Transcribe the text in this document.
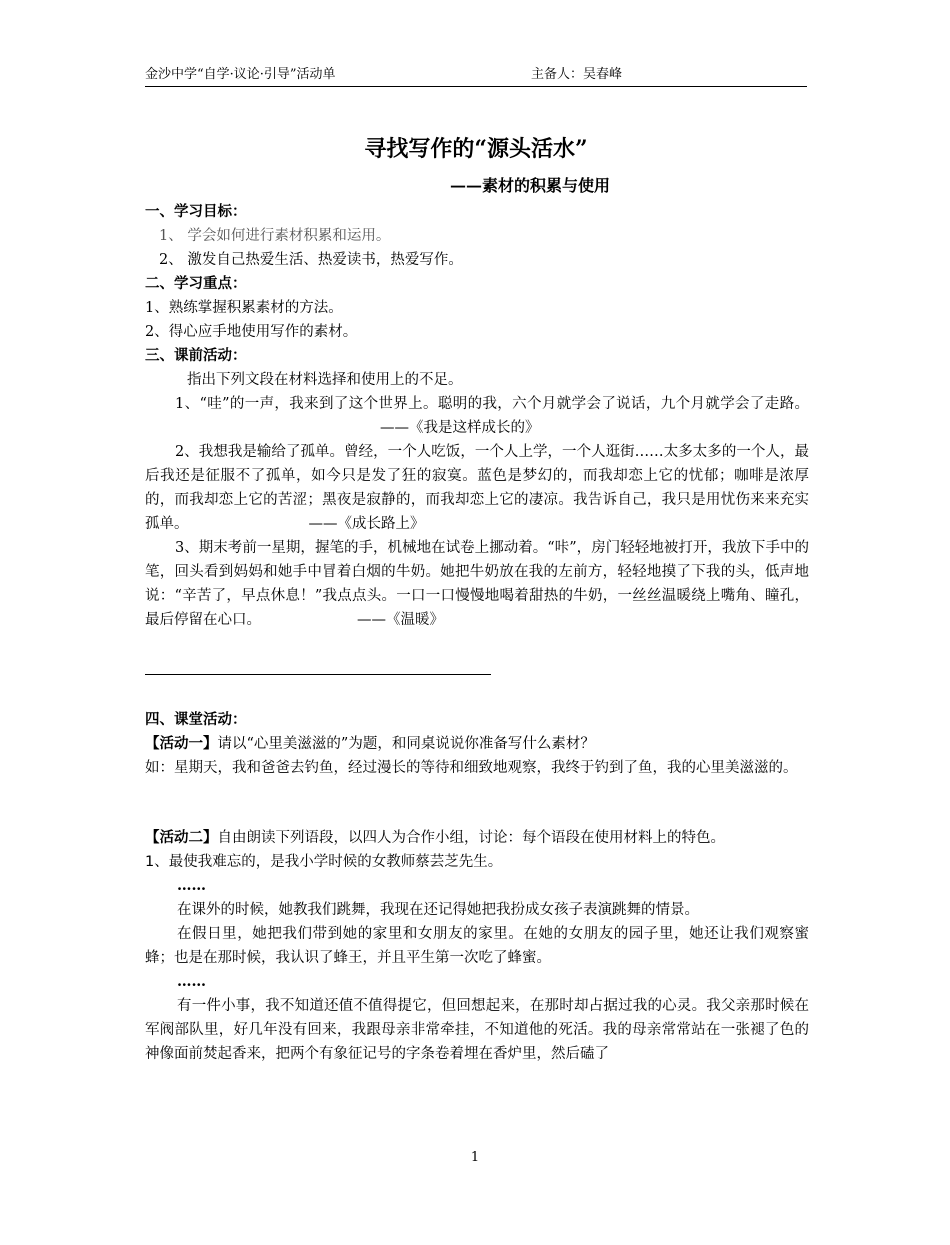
金沙中学“自学·议论·引导”活动单	主备人：吴春峰
寻找写作的“源头活水”
——素材的积累与使用

一、学习目标：

1、 学会如何进行素材积累和运用。

2、 激发自己热爱生活、热爱读书，热爱写作。

二、学习重点：

1、熟练掌握积累素材的方法。

2、得心应手地使用写作的素材。

三、课前活动：

指出下列文段在材料选择和使用上的不足。

1、“哇”的一声，我来到了这个世界上。聪明的我，六个月就学会了说话，九个月就学会了走路。——《我是这样成长的》

2、我想我是输给了孤单。曾经，一个人吃饭，一个人上学，一个人逛街……太多太多的一个人，最后我还是征服不了孤单，如今只是发了狂的寂寞。蓝色是梦幻的，而我却恋上它的忧郁；咖啡是浓厚的，而我却恋上它的苦涩；黑夜是寂静的，而我却恋上它的凄凉。我告诉自己，我只是用忧伤来来充实孤单。	——《成长路上》

3、期末考前一星期，握笔的手，机械地在试卷上挪动着。“咔”，房门轻轻地被打开，我放下手中的笔，回头看到妈妈和她手中冒着白烟的牛奶。她把牛奶放在我的左前方，轻轻地摸了下我的头，低声地说：“辛苦了，早点休息！”我点点头。一口一口慢慢地喝着甜热的牛奶，一丝丝温暖绕上嘴角、瞳孔，最后停留在心口。	——《温暖》

四、课堂活动：

【活动一】请以“心里美滋滋的”为题，和同桌说说你准备写什么素材？

如：星期天，我和爸爸去钓鱼，经过漫长的等待和细致地观察，我终于钓到了鱼，我的心里美滋滋的。

【活动二】自由朗读下列语段，以四人为合作小组，讨论：每个语段在使用材料上的特色。

1、最使我难忘的，是我小学时候的女教师蔡芸芝先生。

……

在课外的时候，她教我们跳舞，我现在还记得她把我扮成女孩子表演跳舞的情景。

在假日里，她把我们带到她的家里和女朋友的家里。在她的女朋友的园子里，她还让我们观察蜜蜂；也是在那时候，我认识了蜂王，并且平生第一次吃了蜂蜜。

……

有一件小事，我不知道还值不值得提它，但回想起来，在那时却占据过我的心灵。我父亲那时候在军阀部队里，好几年没有回来，我跟母亲非常牵挂，不知道他的死活。我的母亲常常站在一张褪了色的神像面前焚起香来，把两个有象征记号的字条卷着埋在香炉里，然后磕了

1
